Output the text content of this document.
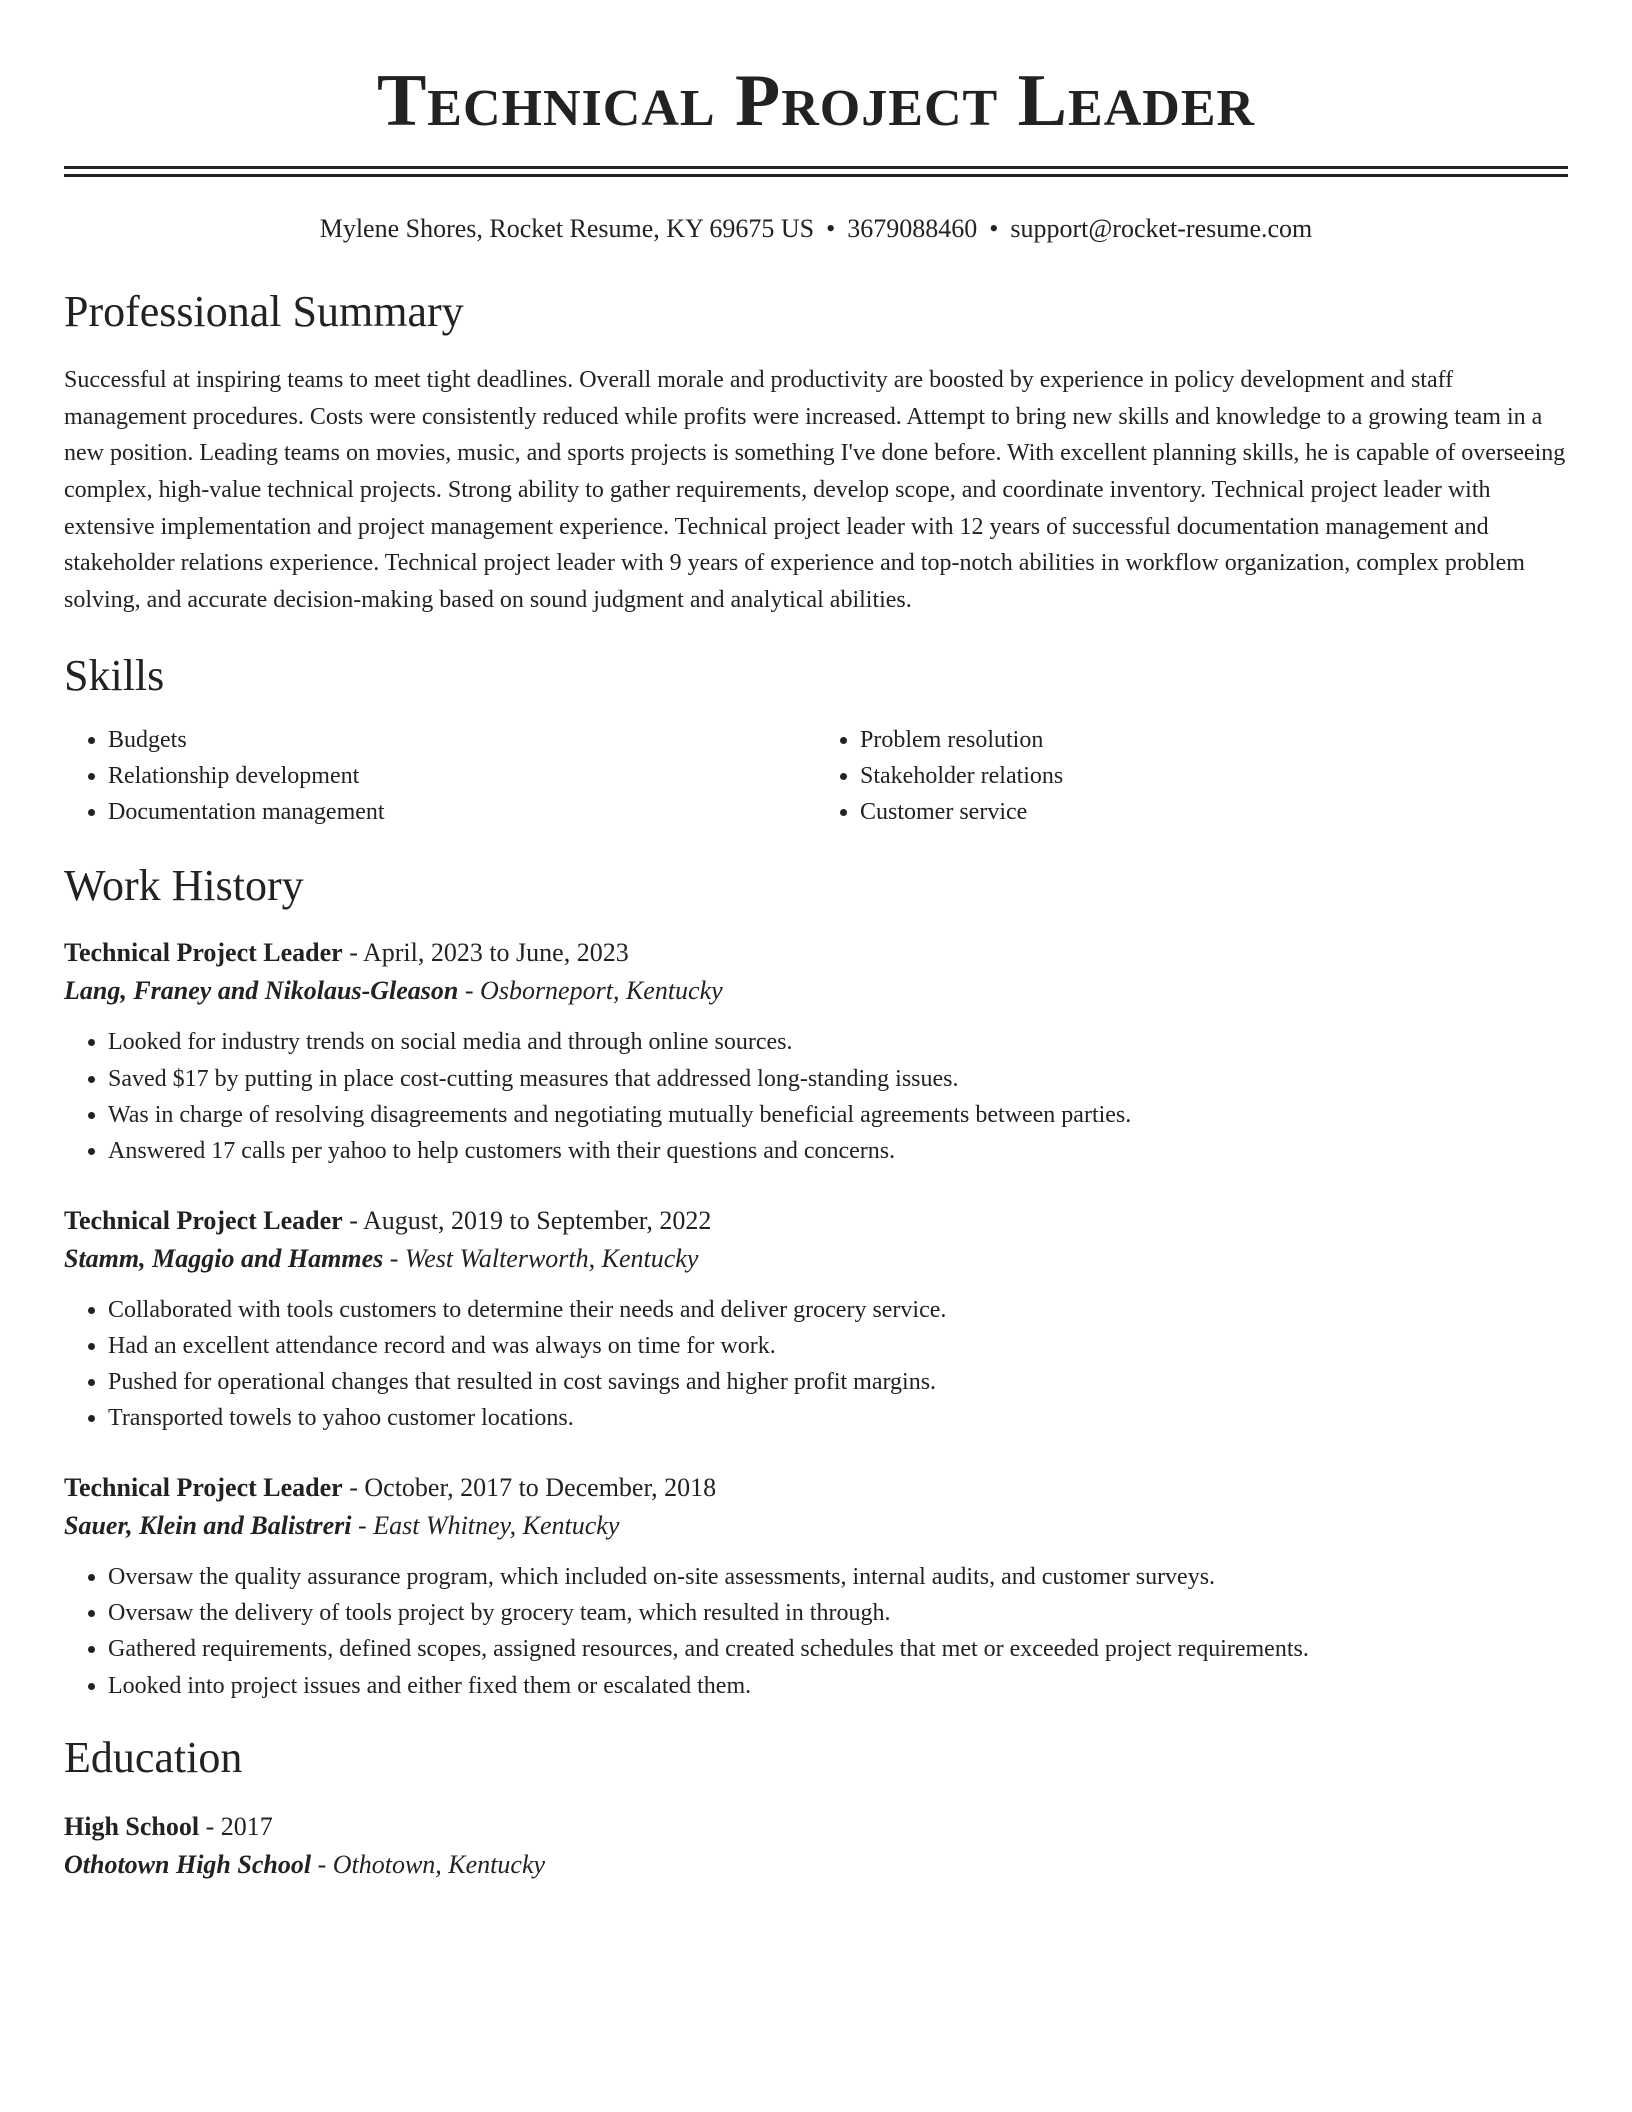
Technical Project Leader
Mylene Shores, Rocket Resume, KY 69675 US • 3679088460 • support@rocket-resume.com
Professional Summary

Successful at inspiring teams to meet tight deadlines. Overall morale and productivity are boosted by experience in policy development and staff management procedures. Costs were consistently reduced while profits were increased. Attempt to bring new skills and knowledge to a growing team in a new position. Leading teams on movies, music, and sports projects is something I've done before. With excellent planning skills, he is capable of overseeing complex, high-value technical projects. Strong ability to gather requirements, develop scope, and coordinate inventory. Technical project leader with extensive implementation and project management experience. Technical project leader with 12 years of successful documentation management and stakeholder relations experience. Technical project leader with 9 years of experience and top-notch abilities in workflow organization, complex problem solving, and accurate decision-making based on sound judgment and analytical abilities.

Skills
• Budgets
• Relationship development
• Documentation management
• Problem resolution
• Stakeholder relations
• Customer service
Work History
Technical Project Leader - April, 2023 to June, 2023
Lang, Franey and Nikolaus-Gleason - Osborneport, Kentucky
• Looked for industry trends on social media and through online sources.
• Saved $17 by putting in place cost-cutting measures that addressed long-standing issues.
• Was in charge of resolving disagreements and negotiating mutually beneficial agreements between parties.
• Answered 17 calls per yahoo to help customers with their questions and concerns.
Technical Project Leader - August, 2019 to September, 2022
Stamm, Maggio and Hammes - West Walterworth, Kentucky
• Collaborated with tools customers to determine their needs and deliver grocery service.
• Had an excellent attendance record and was always on time for work.
• Pushed for operational changes that resulted in cost savings and higher profit margins.
• Transported towels to yahoo customer locations.
Technical Project Leader - October, 2017 to December, 2018
Sauer, Klein and Balistreri - East Whitney, Kentucky
• Oversaw the quality assurance program, which included on-site assessments, internal audits, and customer surveys.
• Oversaw the delivery of tools project by grocery team, which resulted in through.
• Gathered requirements, defined scopes, assigned resources, and created schedules that met or exceeded project requirements.
• Looked into project issues and either fixed them or escalated them.
Education
High School - 2017
Othotown High School - Othotown, Kentucky
